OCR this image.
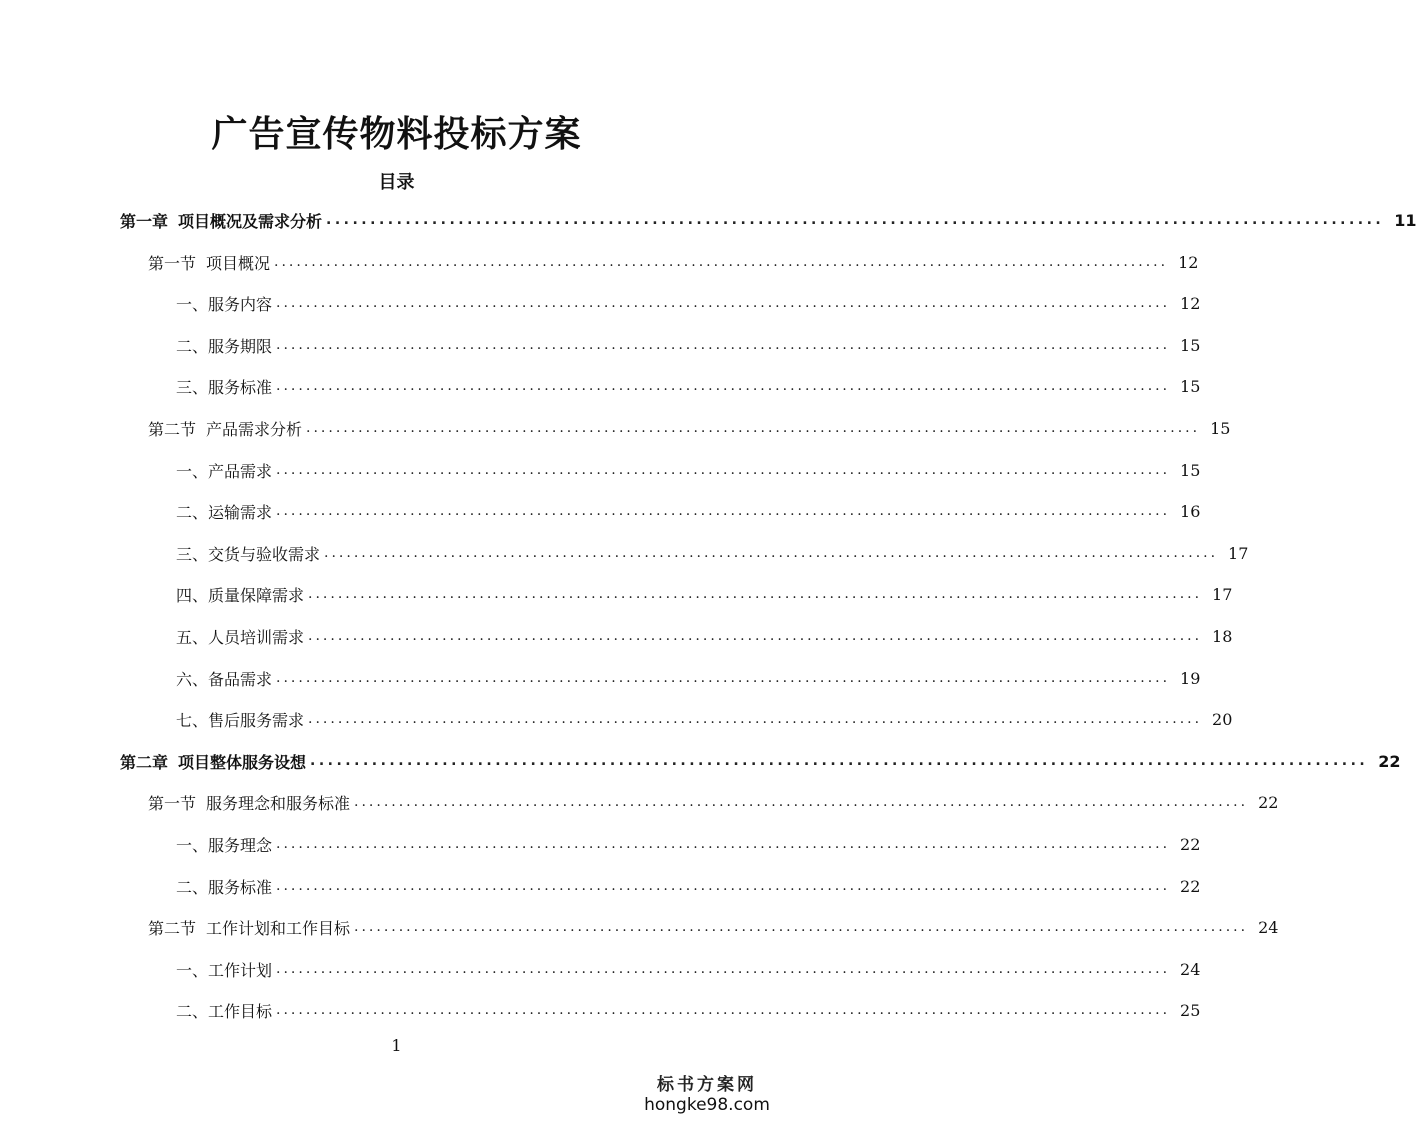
广告宣传物料投标方案
目录
第一章 项目概况及需求分析 ........................................................................................................................ 11
第一节 项目概况 ........................................................................................................................ 12
一、服务内容 ........................................................................................................................ 12
二、服务期限 ........................................................................................................................ 15
三、服务标准 ........................................................................................................................ 15
第二节 产品需求分析 ........................................................................................................................ 15
一、产品需求 ........................................................................................................................ 15
二、运输需求 ........................................................................................................................ 16
三、交货与验收需求 ........................................................................................................................ 17
四、质量保障需求 ........................................................................................................................ 17
五、人员培训需求 ........................................................................................................................ 18
六、备品需求 ........................................................................................................................ 19
七、售后服务需求 ........................................................................................................................ 20
第二章 项目整体服务设想 ........................................................................................................................ 22
第一节 服务理念和服务标准 ........................................................................................................................ 22
一、服务理念 ........................................................................................................................ 22
二、服务标准 ........................................................................................................................ 22
第二节 工作计划和工作目标 ........................................................................................................................ 24
一、工作计划 ........................................................................................................................ 24
二、工作目标 ........................................................................................................................ 25
1
标书方案网
hongke98.com
